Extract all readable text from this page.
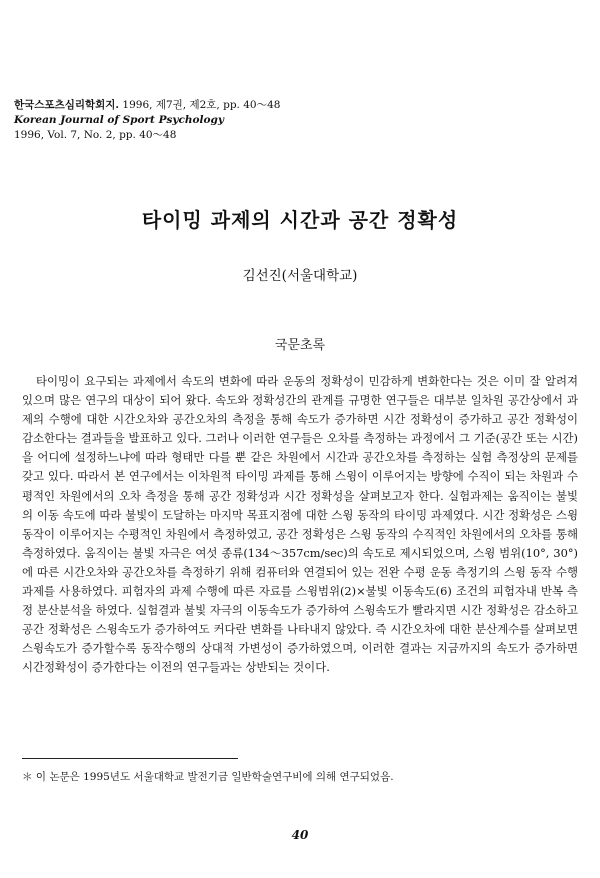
한국스포츠심리학회지. 1996, 제7권, 제2호, pp. 40～48
Korean Journal of Sport Psychology
1996, Vol. 7, No. 2, pp. 40～48
타이밍 과제의 시간과 공간 정확성
김선진(서울대학교)
국문초록

타이밍이 요구되는 과제에서 속도의 변화에 따라 운동의 정확성이 민감하게 변화한다는 것은 이미 잘 알려져 있으며 많은 연구의 대상이 되어 왔다. 속도와 정확성간의 관계를 규명한 연구들은 대부분 일차원 공간상에서 과제의 수행에 대한 시간오차와 공간오차의 측정을 통해 속도가 증가하면 시간 정확성이 증가하고 공간 정확성이 감소한다는 결과들을 발표하고 있다. 그러나 이러한 연구들은 오차를 측정하는 과정에서 그 기준(공간 또는 시간)을 어디에 설정하느냐에 따라 형태만 다를 뿐 같은 차원에서 시간과 공간오차를 측정하는 실험 측정상의 문제를 갖고 있다. 따라서 본 연구에서는 이차원적 타이밍 과제를 통해 스윙이 이루어지는 방향에 수직이 되는 차원과 수평적인 차원에서의 오차 측정을 통해 공간 정확성과 시간 정확성을 살펴보고자 한다. 실험과제는 움직이는 불빛의 이동 속도에 따라 불빛이 도달하는 마지막 목표지점에 대한 스윙 동작의 타이밍 과제였다. 시간 정확성은 스윙 동작이 이루어지는 수평적인 차원에서 측정하였고, 공간 정확성은 스윙 동작의 수직적인 차원에서의 오차를 통해 측정하였다. 움직이는 불빛 자극은 여섯 종류(134～357cm/sec)의 속도로 제시되었으며, 스윙 범위(10°, 30°)에 따른 시간오차와 공간오차를 측정하기 위해 컴퓨터와 연결되어 있는 전완 수평 운동 측정기의 스윙 동작 수행 과제를 사용하였다. 피험자의 과제 수행에 따른 자료를 스윙범위(2)×불빛 이동속도(6) 조건의 피험자내 반복 측정 분산분석을 하였다. 실험결과 불빛 자극의 이동속도가 증가하여 스윙속도가 빨라지면 시간 정확성은 감소하고 공간 정확성은 스윙속도가 증가하여도 커다란 변화를 나타내지 않았다. 즉 시간오차에 대한 분산계수를 살펴보면 스윙속도가 증가할수록 동작수행의 상대적 가변성이 증가하였으며, 이러한 결과는 지금까지의 속도가 증가하면 시간정확성이 증가한다는 이전의 연구들과는 상반되는 것이다.

＊ 이 논문은 1995년도 서울대학교 발전기금 일반학술연구비에 의해 연구되었음.
40
